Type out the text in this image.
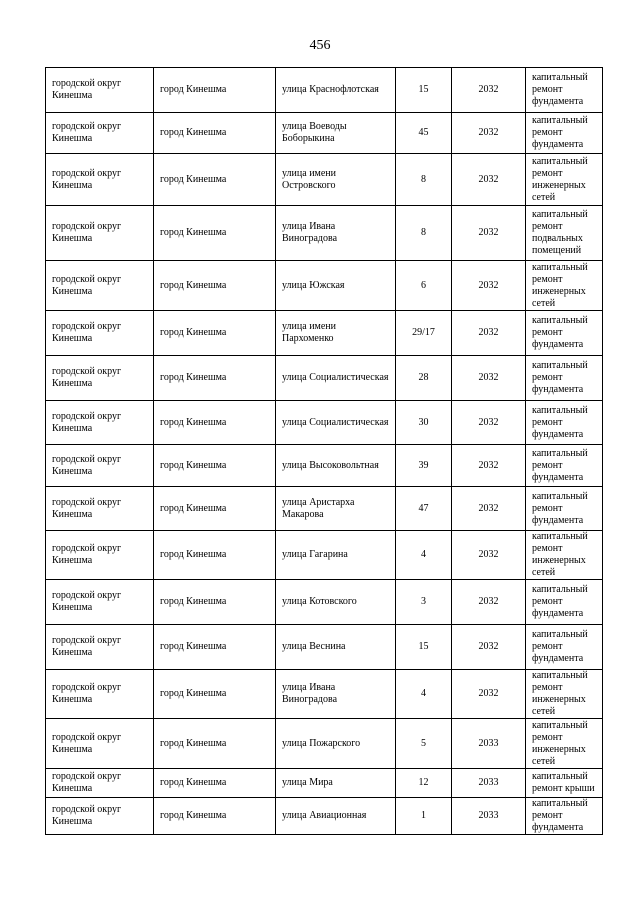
456
городской округ Кинешма	город Кинешма	улица Краснофлотская	15	2032	капитальный ремонт фундамента
городской округ Кинешма	город Кинешма	улица Воеводы Боборыкина	45	2032	капитальный ремонт фундамента
городской округ Кинешма	город Кинешма	улица имени Островского	8	2032	капитальный ремонт инженерных сетей
городской округ Кинешма	город Кинешма	улица Ивана Виноградова	8	2032	капитальный ремонт подвальных помещений
городской округ Кинешма	город Кинешма	улица Южская	6	2032	капитальный ремонт инженерных сетей
городской округ Кинешма	город Кинешма	улица имени Пархоменко	29/17	2032	капитальный ремонт фундамента
городской округ Кинешма	город Кинешма	улица Социалистическая	28	2032	капитальный ремонт фундамента
городской округ Кинешма	город Кинешма	улица Социалистическая	30	2032	капитальный ремонт фундамента
городской округ Кинешма	город Кинешма	улица Высоковольтная	39	2032	капитальный ремонт фундамента
городской округ Кинешма	город Кинешма	улица Аристарха Макарова	47	2032	капитальный ремонт фундамента
городской округ Кинешма	город Кинешма	улица Гагарина	4	2032	капитальный ремонт инженерных сетей
городской округ Кинешма	город Кинешма	улица Котовского	3	2032	капитальный ремонт фундамента
городской округ Кинешма	город Кинешма	улица Веснина	15	2032	капитальный ремонт фундамента
городской округ Кинешма	город Кинешма	улица Ивана Виноградова	4	2032	капитальный ремонт инженерных сетей
городской округ Кинешма	город Кинешма	улица Пожарского	5	2033	капитальный ремонт инженерных сетей
городской округ Кинешма	город Кинешма	улица Мира	12	2033	капитальный ремонт крыши
городской округ Кинешма	город Кинешма	улица Авиационная	1	2033	капитальный ремонт фундамента
